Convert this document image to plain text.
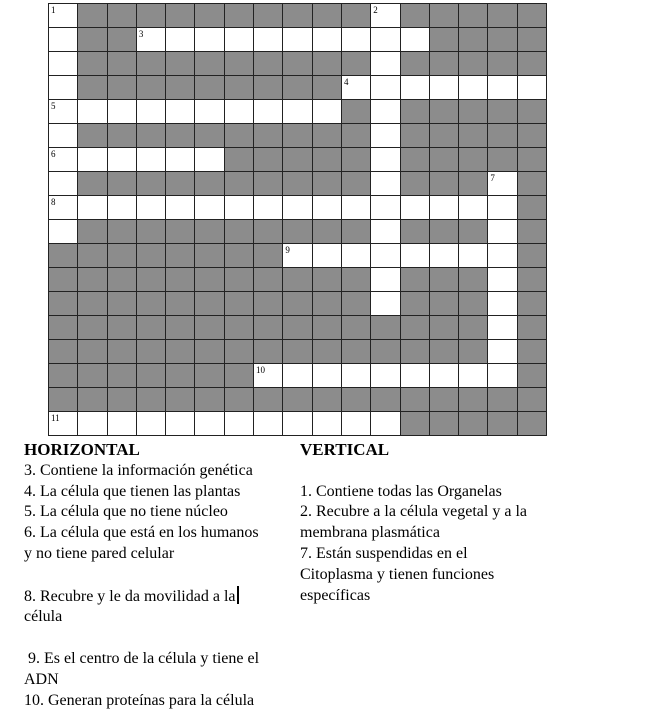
1	2
3
4
5
6
7
8
9
10
11
HORIZONTAL
3. Contiene la información genética
4. La célula que tienen las plantas
5. La célula que no tiene núcleo
6. La célula que está en los humanos
y no tiene pared celular
8. Recubre y le da movilidad a la
célula
9. Es el centro de la célula y tiene el
ADN
10. Generan proteínas para la célula
VERTICAL
1. Contiene todas las Organelas
2. Recubre a la célula vegetal y a la
membrana plasmática
7. Están suspendidas en el
Citoplasma y tienen funciones
específicas
